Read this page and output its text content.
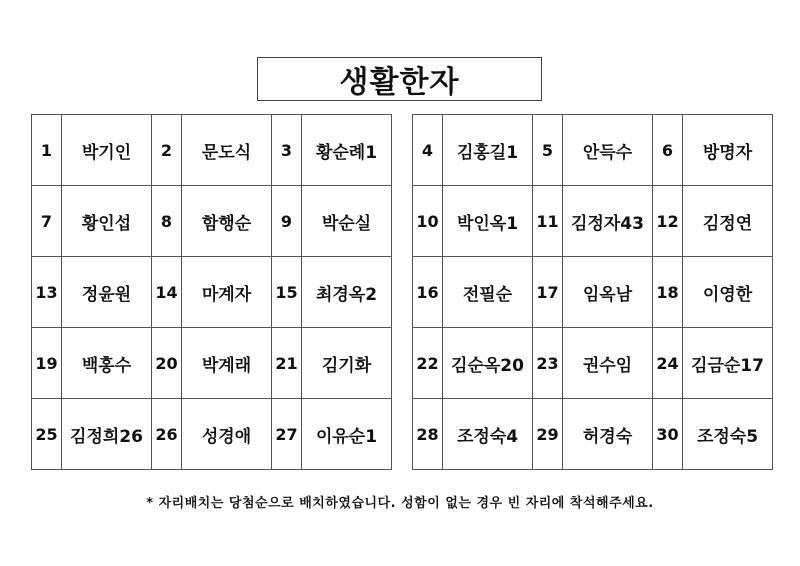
생활한자
1	박기인	2	문도식	3	황순례1
7	황인섭	8	함행순	9	박순실
13	정윤원	14	마계자	15	최경옥2
19	백홍수	20	박계래	21	김기화
25	김정희26	26	성경애	27	이유순1
4	김홍길1	5	안득수	6	방명자
10	박인옥1	11	김정자43	12	김정연
16	전필순	17	임옥남	18	이영한
22	김순옥20	23	권수임	24	김금순17
28	조정숙4	29	허경숙	30	조정숙5
* 자리배치는 당첨순으로 배치하였습니다. 성함이 없는 경우 빈 자리에 착석해주세요.
